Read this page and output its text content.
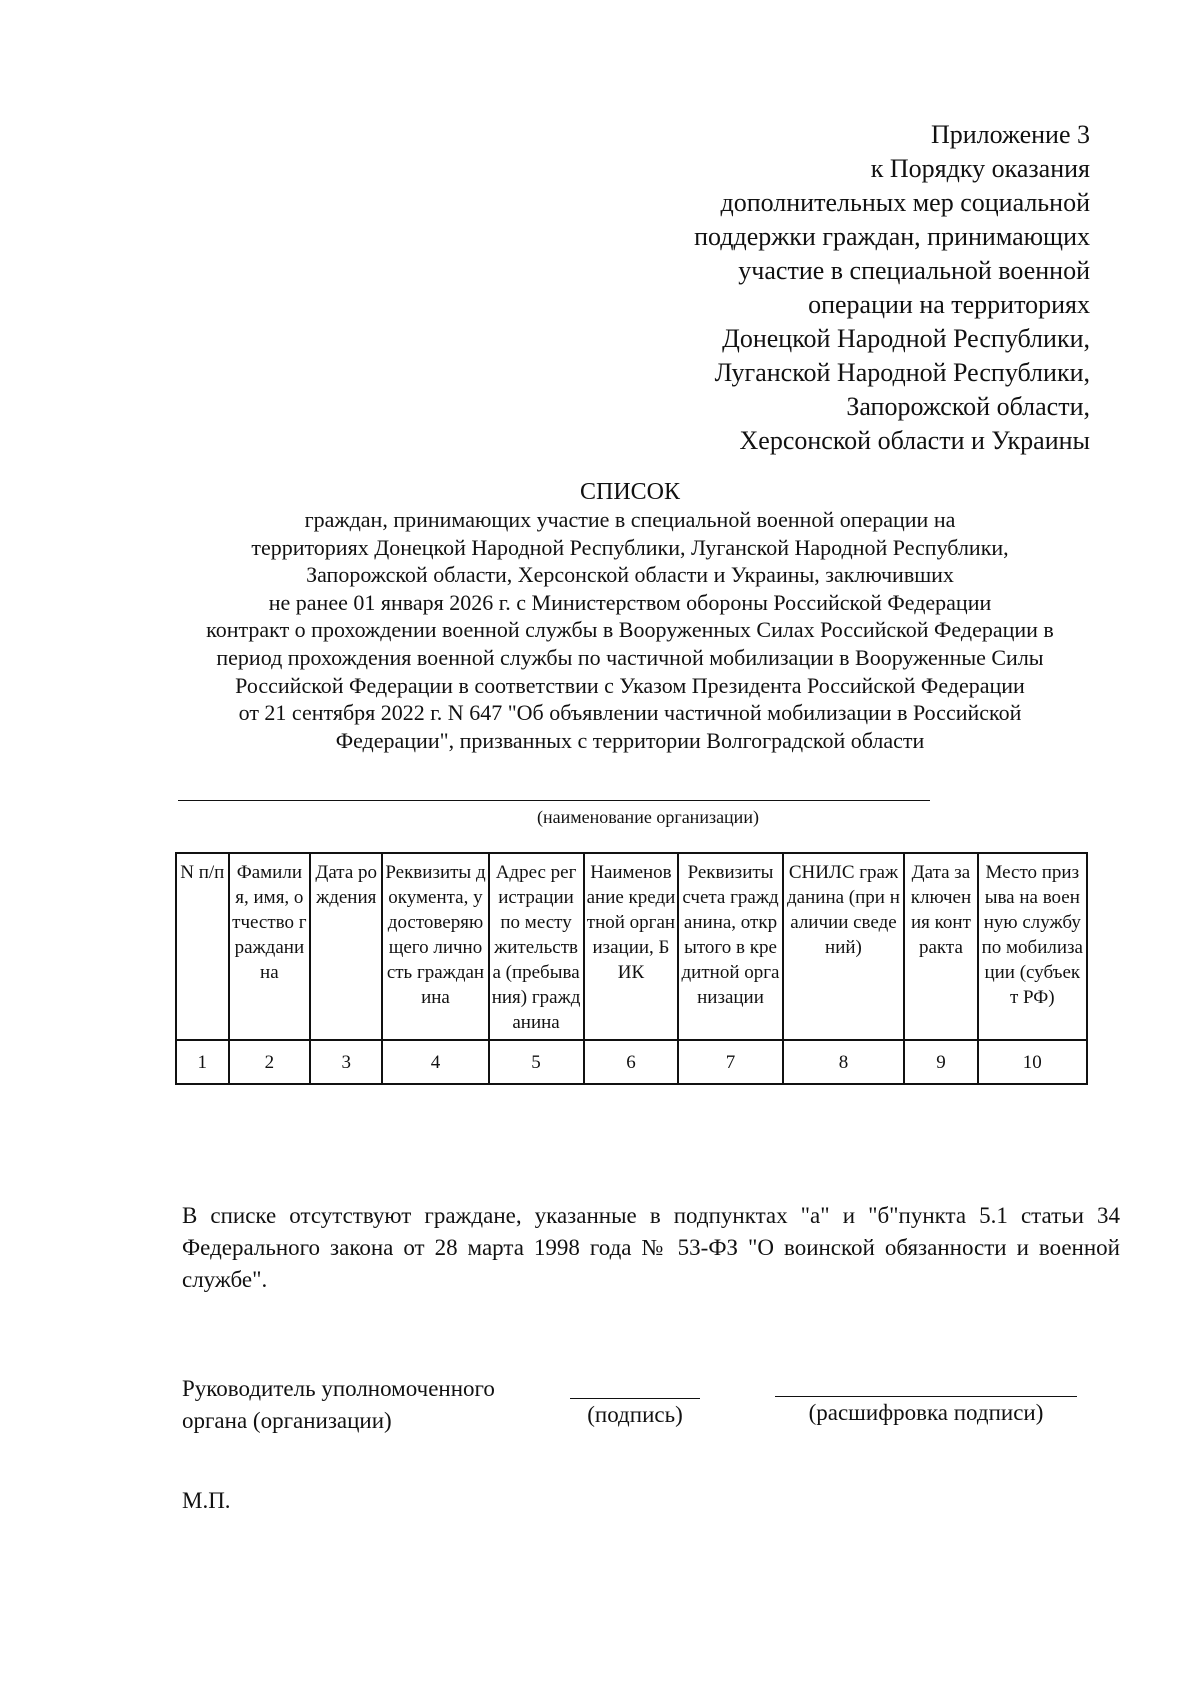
Приложение 3
к Порядку оказания
дополнительных мер социальной
поддержки граждан, принимающих
участие в специальной военной
операции на территориях
Донецкой Народной Республики,
Луганской Народной Республики,
Запорожской области,
Херсонской области и Украины
СПИСОК
граждан, принимающих участие в специальной военной операции на
территориях Донецкой Народной Республики, Луганской Народной Республики,
Запорожской области, Херсонской области и Украины, заключивших
не ранее 01 января 2026 г. с Министерством обороны Российской Федерации
контракт о прохождении военной службы в Вооруженных Силах Российской Федерации в
период прохождения военной службы по частичной мобилизации в Вооруженные Силы
Российской Федерации в соответствии с Указом Президента Российской Федерации
от 21 сентября 2022 г. N 647 "Об объявлении частичной мобилизации в Российской
Федерации", призванных с территории Волгоградской области
(наименование организации)
N п/п	Фамилия, имя, отчество гражданина	Дата рождения	Реквизиты документа, удостоверяющего личность гражданина	Адрес регистрации по месту жительства (пребывания) гражданина	Наименование кредитной организации, БИК	Реквизиты счета гражданина, открытого в кредитной организации	СНИЛС гражданина (при наличии сведений)	Дата заключения контракта	Место призыва на военную службу по мобилизации (субъект РФ)
1	2	3	4	5	6	7	8	9	10
В списке отсутствуют граждане, указанные в подпунктах "а" и "б"пункта 5.1 статьи 34 Федерального закона от 28 марта 1998 года № 53-ФЗ "О воинской обязанности и военной службе".
Руководитель уполномоченного
органа (организации)	(подпись)	(расшифровка подписи)
М.П.
